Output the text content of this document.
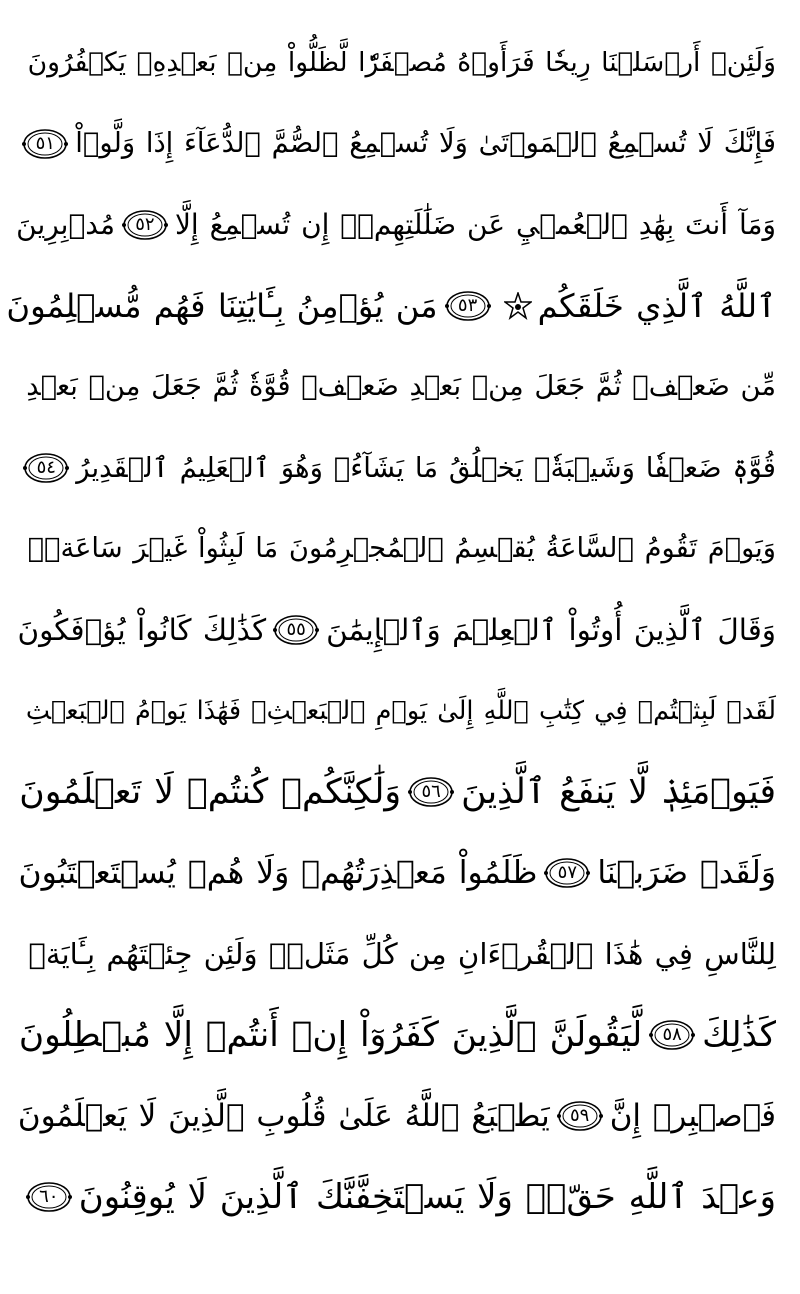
وَلَئِنۡ أَرۡسَلۡنَا رِيحٗا فَرَأَوۡهُ مُصۡفَرّٗا لَّظَلُّواْ مِنۢ بَعۡدِهِۦ يَكۡفُرُونَ
فَإِنَّكَ لَا تُسۡمِعُ ٱلۡمَوۡتَىٰ وَلَا تُسۡمِعُ ٱلصُّمَّ ٱلدُّعَآءَ إِذَا وَلَّوۡاْ
٥١
وَمَآ أَنتَ بِهَٰدِ ٱلۡعُمۡيِ عَن ضَلَٰلَتِهِمۡۖ إِن تُسۡمِعُ إِلَّا
٥٢
مُدۡبِرِينَ
ٱللَّهُ ٱلَّذِي خَلَقَكُم
٥٣
مَن يُؤۡمِنُ بِـَٔايَٰتِنَا فَهُم مُّسۡلِمُونَ
مِّن ضَعۡفٖ ثُمَّ جَعَلَ مِنۢ بَعۡدِ ضَعۡفٖ قُوَّةٗ ثُمَّ جَعَلَ مِنۢ بَعۡدِ
قُوَّةٖ ضَعۡفٗا وَشَيۡبَةٗۚ يَخۡلُقُ مَا يَشَآءُۖ وَهُوَ ٱلۡعَلِيمُ ٱلۡقَدِيرُ
٥٤
وَيَوۡمَ تَقُومُ ٱلسَّاعَةُ يُقۡسِمُ ٱلۡمُجۡرِمُونَ مَا لَبِثُواْ غَيۡرَ سَاعَةٖۚ
وَقَالَ ٱلَّذِينَ أُوتُواْ ٱلۡعِلۡمَ وَٱلۡإِيمَٰنَ
٥٥
كَذَٰلِكَ كَانُواْ يُؤۡفَكُونَ
لَقَدۡ لَبِثۡتُمۡ فِي كِتَٰبِ ٱللَّهِ إِلَىٰ يَوۡمِ ٱلۡبَعۡثِۖ فَهَٰذَا يَوۡمُ ٱلۡبَعۡثِ
فَيَوۡمَئِذٖ لَّا يَنفَعُ ٱلَّذِينَ
٥٦
وَلَٰكِنَّكُمۡ كُنتُمۡ لَا تَعۡلَمُونَ
وَلَقَدۡ ضَرَبۡنَا
٥٧
ظَلَمُواْ مَعۡذِرَتُهُمۡ وَلَا هُمۡ يُسۡتَعۡتَبُونَ
لِلنَّاسِ فِي هَٰذَا ٱلۡقُرۡءَانِ مِن كُلِّ مَثَلٖۚ وَلَئِن جِئۡتَهُم بِـَٔايَةٖ
كَذَٰلِكَ
٥٨
لَّيَقُولَنَّ ٱلَّذِينَ كَفَرُوٓاْ إِنۡ أَنتُمۡ إِلَّا مُبۡطِلُونَ
فَٱصۡبِرۡ إِنَّ
٥٩
يَطۡبَعُ ٱللَّهُ عَلَىٰ قُلُوبِ ٱلَّذِينَ لَا يَعۡلَمُونَ
وَعۡدَ ٱللَّهِ حَقّٞۖ وَلَا يَسۡتَخِفَّنَّكَ ٱلَّذِينَ لَا يُوقِنُونَ
٦٠
